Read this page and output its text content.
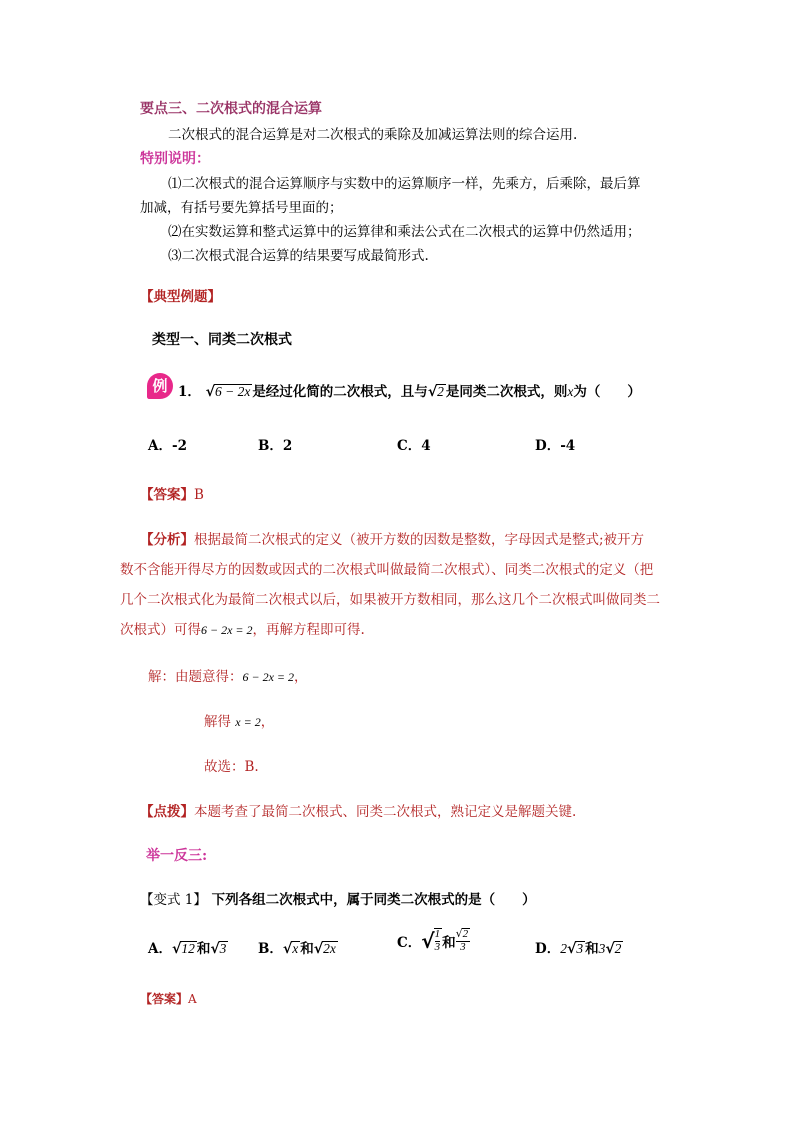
要点三、二次根式的混合运算
二次根式的混合运算是对二次根式的乘除及加减运算法则的综合运用.
特别说明：
⑴二次根式的混合运算顺序与实数中的运算顺序一样，先乘方，后乘除，最后算
加减，有括号要先算括号里面的；
⑵在实数运算和整式运算中的运算律和乘法公式在二次根式的运算中仍然适用；
⑶二次根式混合运算的结果要写成最简形式.
【典型例题】
类型一、同类二次根式
例 1． √6 − 2x 是经过化简的二次根式，且与√2 是同类二次根式，则x为（　　）
A．-2	B．2	C．4	D．-4
【答案】B
【分析】根据最简二次根式的定义（被开方数的因数是整数，字母因式是整式;被开方
数不含能开得尽方的因数或因式的二次根式叫做最简二次根式）、同类二次根式的定义（把
几个二次根式化为最简二次根式以后，如果被开方数相同，那么这几个二次根式叫做同类二
次根式）可得6 − 2x = 2，再解方程即可得.
解：由题意得：6 − 2x = 2，
解得 x = 2，
故选：B.
【点拨】本题考查了最简二次根式、同类二次根式，熟记定义是解题关键.
举一反三:
【变式 1】 下列各组二次根式中，属于同类二次根式的是（　　）
A．√12 和√3 B．√x 和√2x	C． √ $\frac{1}{3}$ 和 $\frac{√2}{3}$	D．2√3 和3√2
【答案】A
